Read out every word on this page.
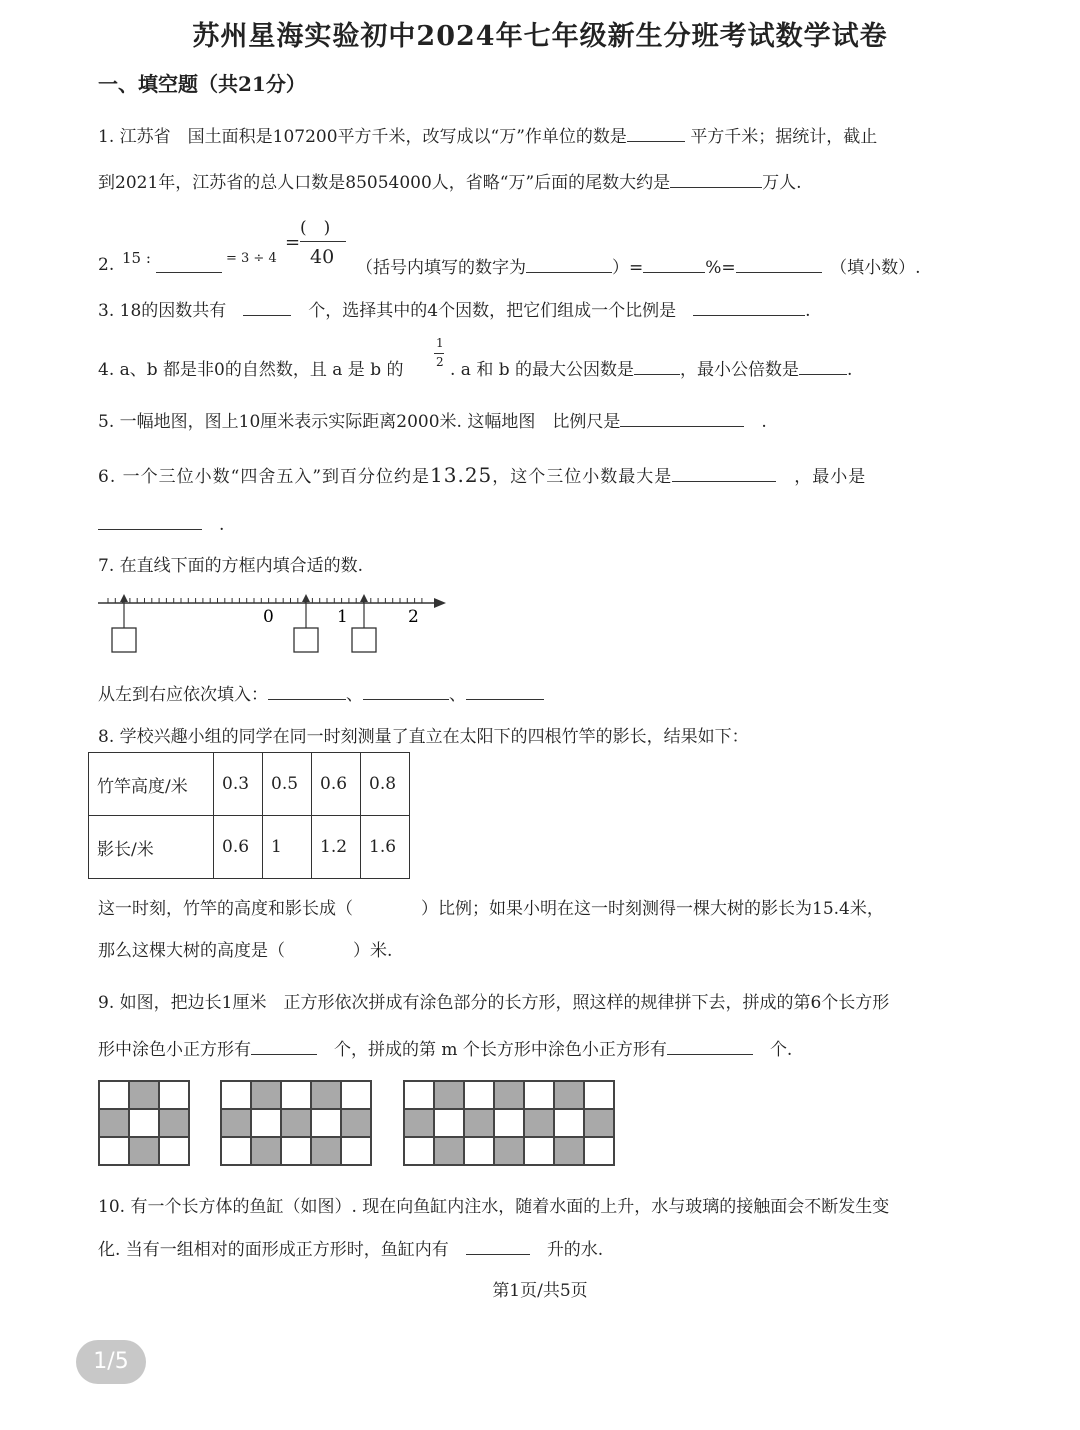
苏州星海实验初中2024年七年级新生分班考试数学试卷
一、填空题（共21分）
1. 江苏省　国土面积是107200平方千米，改写成以“万”作单位的数是	平方千米；据统计，截止
到2021年，江苏省的总人口数是85054000人，省略“万”后面的尾数大约是	万人.
2. 15 :	= 3 ÷ 4
=
(　)
40 （括号内填写的数字为	）=	%=　	（填小数）.
3. 18的因数共有　　	个，选择其中的4个因数，把它们组成一个比例是　	.
4. a、b 都是非0的自然数，且 a 是 b 的
1
2 . a 和 b 的最大公因数是	，最小公倍数是	.
5. 一幅地图，图上10厘米表示实际距离2000米. 这幅地图　比例尺是　	.
6. 一个三位小数“四舍五入”到百分位约是13.25，这个三位小数最大是　	，最小是
　.
7. 在直线下面的方框内填合适的数.
0	1	2
从左到右应依次填入：	、	、
8. 学校兴趣小组的同学在同一时刻测量了直立在太阳下的四根竹竿的影长，结果如下：
竹竿高度/米	0.3	0.5	0.6	0.8
影长/米	0.6	1	1.2	1.6
这一时刻，竹竿的高度和影长成（　　　　）比例；如果小明在这一时刻测得一棵大树的影长为15.4米，
那么这棵大树的高度是（　　　　）米.
9. 如图，把边长1厘米　正方形依次拼成有涂色部分的长方形，照这样的规律拼下去，拼成的第6个长方形
形中涂色小正方形有　	个，拼成的第 m 个长方形中涂色小正方形有　	个.
10. 有一个长方体的鱼缸（如图）. 现在向鱼缸内注水，随着水面的上升，水与玻璃的接触面会不断发生变
化. 当有一组相对的面形成正方形时，鱼缸内有　　	升的水.
第1页/共5页
1/5
